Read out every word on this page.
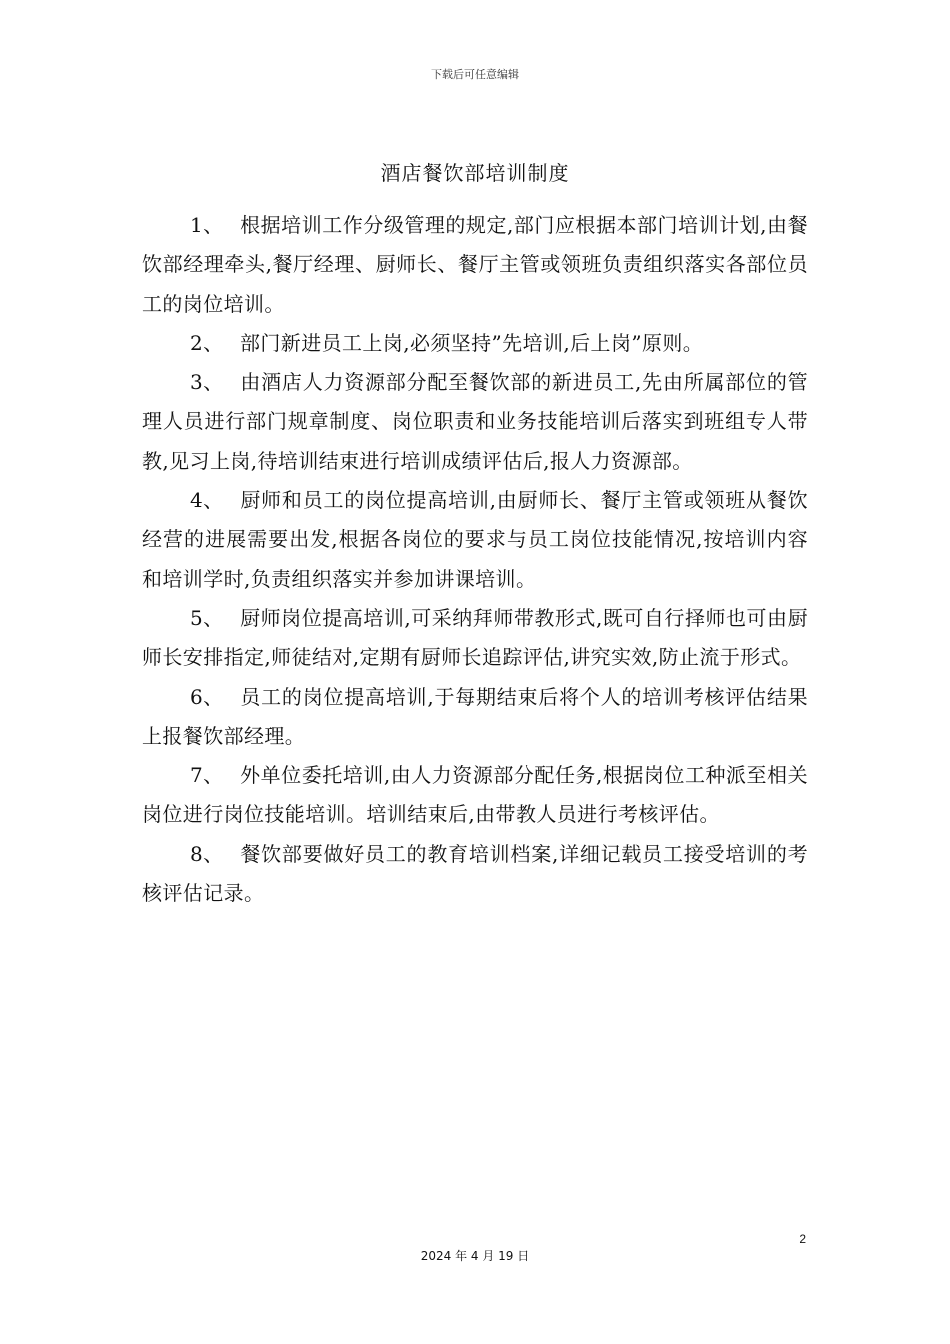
下载后可任意编辑
酒店餐饮部培训制度

1、 根据培训工作分级管理的规定,部门应根据本部门培训计划,由餐饮部经理牵头,餐厅经理、厨师长、餐厅主管或领班负责组织落实各部位员工的岗位培训。

2、 部门新进员工上岗,必须坚持”先培训,后上岗”原则。

3、 由酒店人力资源部分配至餐饮部的新进员工,先由所属部位的管理人员进行部门规章制度、岗位职责和业务技能培训后落实到班组专人带教,见习上岗,待培训结束进行培训成绩评估后,报人力资源部。

4、 厨师和员工的岗位提高培训,由厨师长、餐厅主管或领班从餐饮经营的进展需要出发,根据各岗位的要求与员工岗位技能情况,按培训内容和培训学时,负责组织落实并参加讲课培训。

5、 厨师岗位提高培训,可采纳拜师带教形式,既可自行择师也可由厨师长安排指定,师徒结对,定期有厨师长追踪评估,讲究实效,防止流于形式。

6、 员工的岗位提高培训,于每期结束后将个人的培训考核评估结果上报餐饮部经理。

7、 外单位委托培训,由人力资源部分配任务,根据岗位工种派至相关岗位进行岗位技能培训。培训结束后,由带教人员进行考核评估。

8、 餐饮部要做好员工的教育培训档案,详细记载员工接受培训的考核评估记录。

2
2024 年 4 月 19 日
